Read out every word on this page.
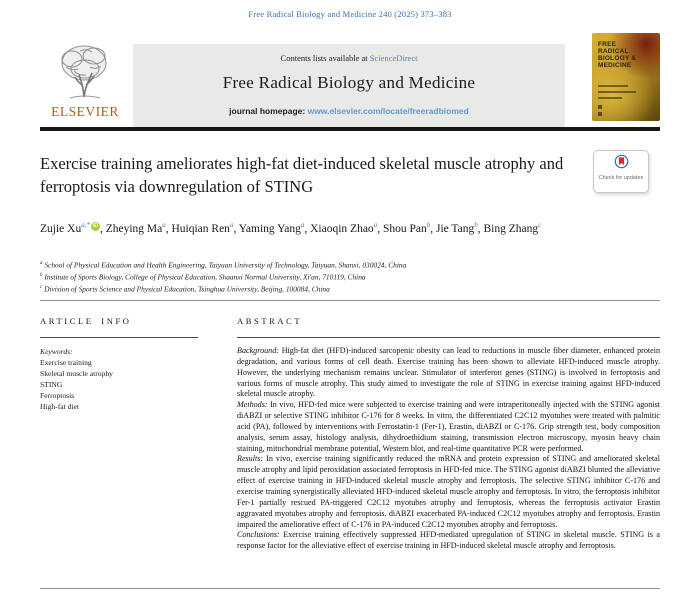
Free Radical Biology and Medicine 240 (2025) 373–383
ELSEVIER
Contents lists available at ScienceDirect
Free Radical Biology and Medicine
journal homepage: www.elsevier.com/locate/freeradbiomed
FREE RADICAL BIOLOGY & MEDICINE
Exercise training ameliorates high-fat diet-induced skeletal muscle atrophy and ferroptosis via downregulation of STING	Check for updates
Zujie $Xu^{a,*}$ iD , Zheying Ma$^a$ , Huiqian Ren$^a$ , Yaming Yang$^a$ , Xiaoqin Zhao$^a$ , Shou Pan$^b$ , Jie Tang$^b$ , Bing Zhang$^c$
$^a$ School of Physical Education and Health Engineering, Taiyuan University of Technology, Taiyuan, Shanxi, 030024, China
$^b$ Institute of Sports Biology, College of Physical Education, Shaanxi Normal University, Xi'an, 710119, China
$^c$ Division of Sports Science and Physical Education, Tsinghua University, Beijing, 100084, China
ARTICLE INFO
Keywords:
Exercise training
Skeletal muscle atrophy
STING
Ferroptosis
High-fat diet
ABSTRACT

Background: High-fat diet (HFD)-induced sarcopenic obesity can lead to reductions in muscle fiber diameter, enhanced protein degradation, and various forms of cell death. Exercise training has been shown to alleviate HFD-induced muscle atrophy. However, the underlying mechanism remains unclear. Stimulator of interferon genes (STING) is involved in ferroptosis and various forms of muscle atrophy. This study aimed to investigate the role of STING in exercise training against HFD-induced skeletal muscle atrophy.

Methods: In vivo, HFD-fed mice were subjected to exercise training and were intraperitoneally injected with the STING agonist diABZI or selective STING inhibitor C-176 for 8 weeks. In vitro, the differentiated C2C12 myotubes were treated with palmitic acid (PA), followed by interventions with Ferrostatin-1 (Fer-1), Erastin, diABZI or C-176. Grip strength test, body composition analysis, serum assay, histology analysis, dihydroethidium staining, transmission electron microscopy, myosin heavy chain staining, mitochondrial membrane potential, Western blot, and real-time quantitative PCR were performed.

Results: In vivo, exercise training significantly reduced the mRNA and protein expression of STING and ameliorated skeletal muscle atrophy and lipid peroxidation associated ferroptosis in HFD-fed mice. The STING agonist diABZI blunted the alleviative effect of exercise training in HFD-induced skeletal muscle atrophy and ferroptosis. The selective STING inhibitor C-176 and exercise training synergistically alleviated HFD-induced skeletal muscle atrophy and ferroptosis. In vitro, the ferroptosis inhibitor Fer-1 partially rescued PA-triggered C2C12 myotubes atrophy and ferroptosis, whereas the ferroptosis activator Erastin aggravated myotubes atrophy and ferroptosis. diABZI exacerbated PA-induced C2C12 myotubes atrophy and ferroptosis. Erastin impaired the ameliorative effect of C-176 in PA-induced C2C12 myotubes atrophy and ferroptosis.

Conclusions: Exercise training effectively suppressed HFD-mediated upregulation of STING in skeletal muscle. STING is a response factor for the alleviative effect of exercise training in HFD-induced skeletal muscle atrophy and ferroptosis.
